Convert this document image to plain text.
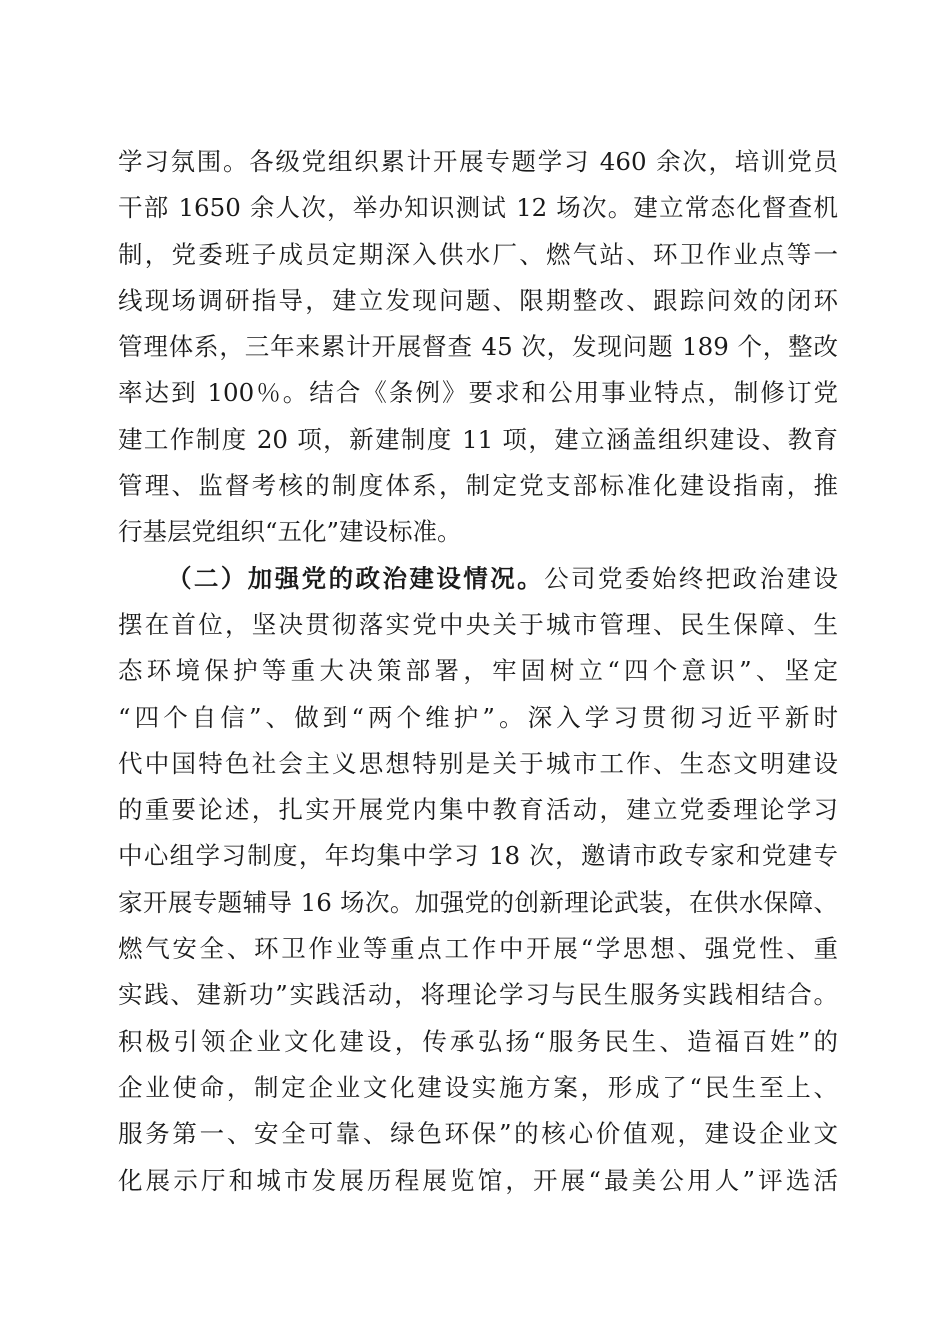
学习氛围。各级党组织累计开展专题学习 460 余次，培训党员
干部 1650 余人次，举办知识测试 12 场次。建立常态化督查机
制，党委班子成员定期深入供水厂、燃气站、环卫作业点等一
线现场调研指导，建立发现问题、限期整改、跟踪问效的闭环
管理体系，三年来累计开展督查 45 次，发现问题 189 个，整改
率达到 100％。结合《条例》要求和公用事业特点，制修订党
建工作制度 20 项，新建制度 11 项，建立涵盖组织建设、教育
管理、监督考核的制度体系，制定党支部标准化建设指南，推
行基层党组织“五化”建设标准。
（二）加强党的政治建设情况。公司党委始终把政治建设
摆在首位，坚决贯彻落实党中央关于城市管理、民生保障、生
态环境保护等重大决策部署，牢固树立“四个意识”、坚定
“四个自信”、做到“两个维护”。深入学习贯彻习近平新时
代中国特色社会主义思想特别是关于城市工作、生态文明建设
的重要论述，扎实开展党内集中教育活动，建立党委理论学习
中心组学习制度，年均集中学习 18 次，邀请市政专家和党建专
家开展专题辅导 16 场次。加强党的创新理论武装，在供水保障、
燃气安全、环卫作业等重点工作中开展“学思想、强党性、重
实践、建新功”实践活动，将理论学习与民生服务实践相结合。
积极引领企业文化建设，传承弘扬“服务民生、造福百姓”的
企业使命，制定企业文化建设实施方案，形成了“民生至上、
服务第一、安全可靠、绿色环保”的核心价值观，建设企业文
化展示厅和城市发展历程展览馆，开展“最美公用人”评选活
